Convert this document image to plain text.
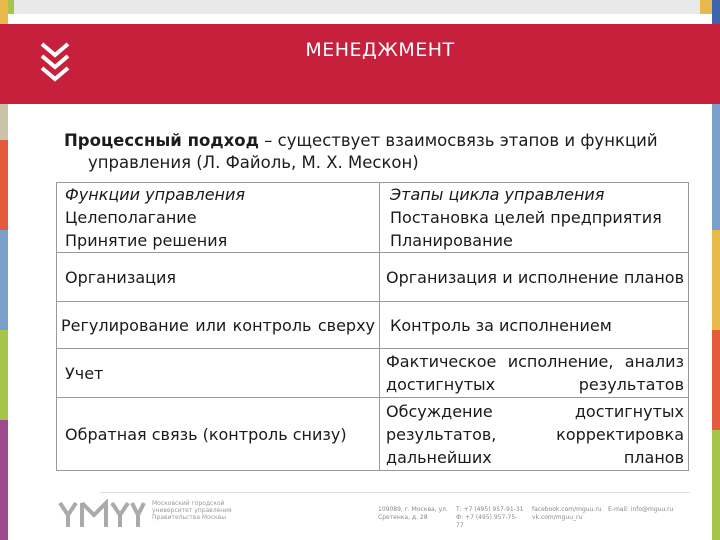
МЕНЕДЖМЕНТ
Процессный подход – существует взаимосвязь этапов и функций
управления (Л. Файоль, М. Х. Мескон)
Функции управления	Этапы цикла управления
Целеполагание	Постановка целей предприятия
Принятие решения	Планирование
Организация	Организация и исполнение планов
Регулирование или контроль сверху	Контроль за исполнением
Учет	Фактическое исполнение, анализ достигнутых результатов
Обратная связь (контроль снизу)	Обсуждение достигнутых результатов, корректировка дальнейших планов
Московский городской университет управления Правительства Москвы
109089, г. Москва, ул. Сретенка, д. 28
Т: +7 (495) 957-91-31 Ф: +7 (495) 957-75-77
facebook.com/mguu.ru vk.com/mguu_ru
E-mail: info@mguu.ru
